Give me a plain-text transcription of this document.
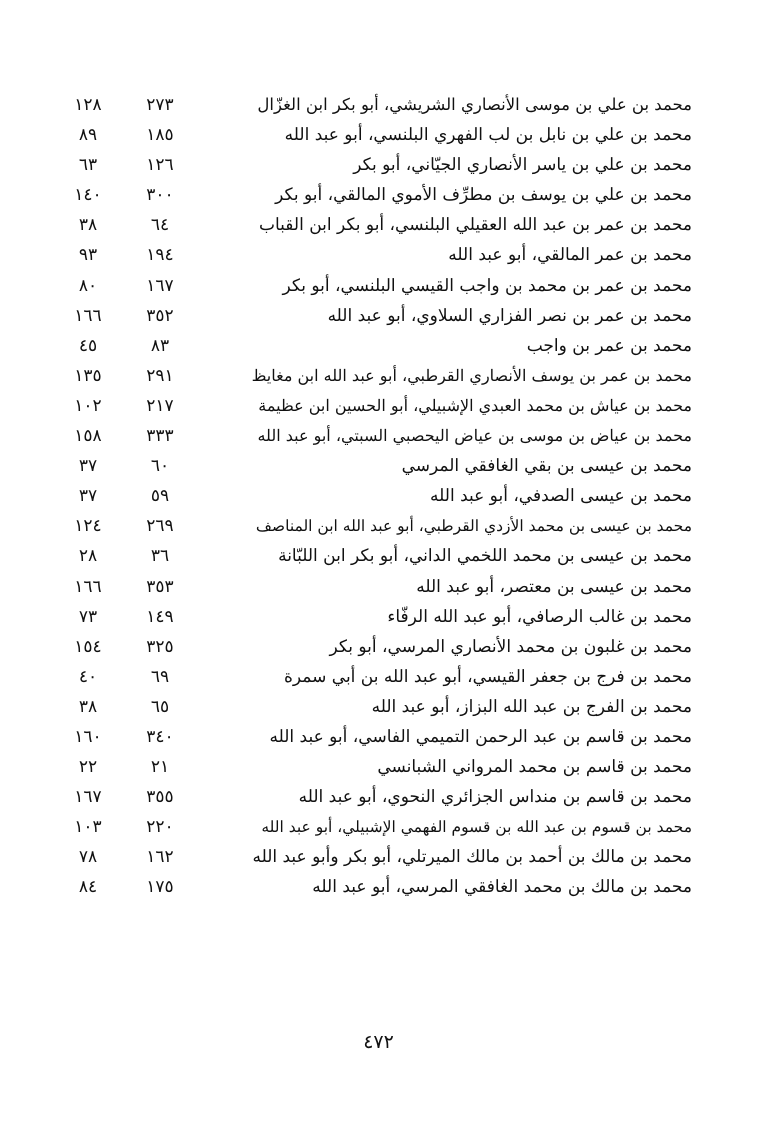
محمد بن علي بن موسى الأنصاري الشريشي، أبو بكر ابن الغزّال
٢٧٣
١٢٨
محمد بن علي بن نابل بن لب الفهري البلنسي، أبو عبد الله
١٨٥
٨٩
محمد بن علي بن ياسر الأنصاري الجيّاني، أبو بكر
١٢٦
٦٣
محمد بن علي بن يوسف بن مطرِّف الأموي المالقي، أبو بكر
٣٠٠
١٤٠
محمد بن عمر بن عبد الله العقيلي البلنسي، أبو بكر ابن القباب
٦٤
٣٨
محمد بن عمر المالقي، أبو عبد الله
١٩٤
٩٣
محمد بن عمر بن محمد بن واجب القيسي البلنسي، أبو بكر
١٦٧
٨٠
محمد بن عمر بن نصر الفزاري السلاوي، أبو عبد الله
٣٥٢
١٦٦
محمد بن عمر بن واجب
٨٣
٤٥
محمد بن عمر بن يوسف الأنصاري القرطبي، أبو عبد الله ابن مغايظ
٢٩١
١٣٥
محمد بن عياش بن محمد العبدي الإشبيلي، أبو الحسين ابن عظيمة
٢١٧
١٠٢
محمد بن عياض بن موسى بن عياض اليحصبي السبتي، أبو عبد الله
٣٣٣
١٥٨
محمد بن عيسى بن بقي الغافقي المرسي
٦٠
٣٧
محمد بن عيسى الصدفي، أبو عبد الله
٥٩
٣٧
محمد بن عيسى بن محمد الأزدي القرطبي، أبو عبد الله ابن المناصف
٢٦٩
١٢٤
محمد بن عيسى بن محمد اللخمي الداني، أبو بكر ابن اللبّانة
٣٦
٢٨
محمد بن عيسى بن معتصر، أبو عبد الله
٣٥٣
١٦٦
محمد بن غالب الرصافي، أبو عبد الله الرفّاء
١٤٩
٧٣
محمد بن غلبون بن محمد الأنصاري المرسي، أبو بكر
٣٢٥
١٥٤
محمد بن فرج بن جعفر القيسي، أبو عبد الله بن أبي سمرة
٦٩
٤٠
محمد بن الفرج بن عبد الله البزاز، أبو عبد الله
٦٥
٣٨
محمد بن قاسم بن عبد الرحمن التميمي الفاسي، أبو عبد الله
٣٤٠
١٦٠
محمد بن قاسم بن محمد المرواني الشبانسي
٢١
٢٢
محمد بن قاسم بن منداس الجزائري النحوي، أبو عبد الله
٣٥٥
١٦٧
محمد بن قسوم بن عبد الله بن قسوم الفهمي الإشبيلي، أبو عبد الله
٢٢٠
١٠٣
محمد بن مالك بن أحمد بن مالك الميرتلي، أبو بكر وأبو عبد الله
١٦٢
٧٨
محمد بن مالك بن محمد الغافقي المرسي، أبو عبد الله
١٧٥
٨٤
٤٧٢
